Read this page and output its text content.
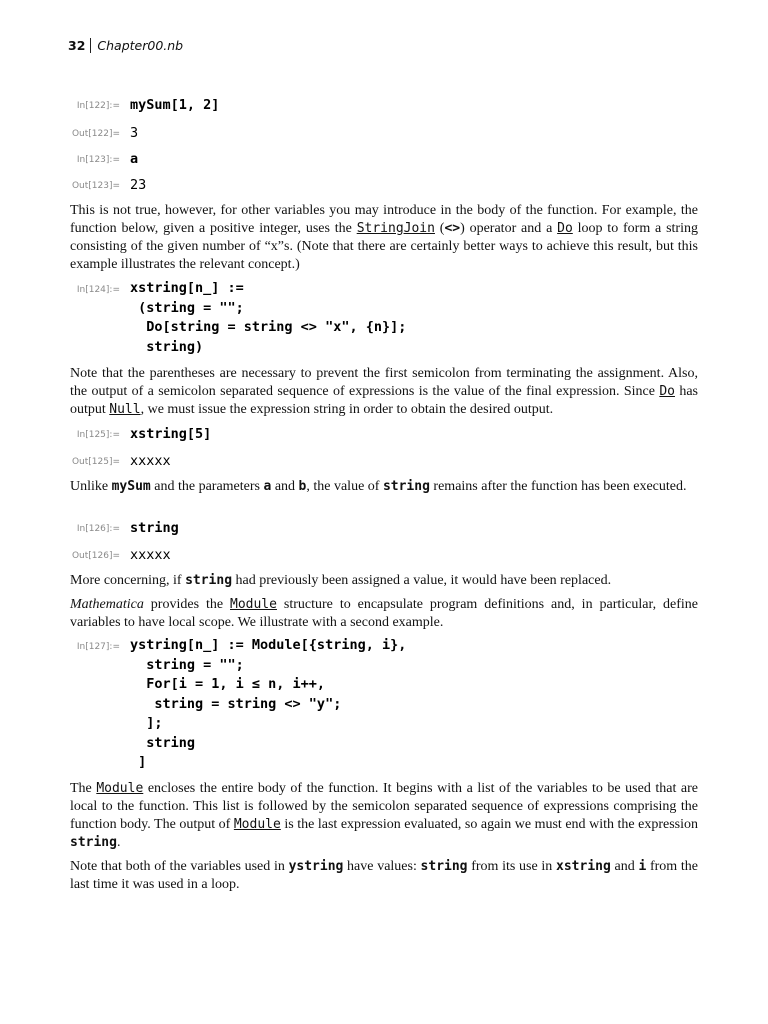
32 Chapter00.nb
In[122]:= mySum[1, 2]
Out[122]= 3
In[123]:= a
Out[123]= 23
This is not true, however, for other variables you may introduce in the body of the function. For example, the function below, given a positive integer, uses the StringJoin (<>) operator and a Do loop to form a string consisting of the given number of “x”s. (Note that there are certainly better ways to achieve this result, but this example illustrates the relevant concept.)
In[124]:= xstring[n_] :=
(string = "";
Do[string = string <> "x", {n}];
string)
Note that the parentheses are necessary to prevent the first semicolon from terminating the assignment. Also, the output of a semicolon separated sequence of expressions is the value of the final expression. Since Do has output Null, we must issue the expression string in order to obtain the desired output.
In[125]:= xstring[5]
Out[125]= xxxxx
Unlike mySum and the parameters a and b, the value of string remains after the function has been executed.
In[126]:= string
Out[126]= xxxxx
More concerning, if string had previously been assigned a value, it would have been replaced.
Mathematica provides the Module structure to encapsulate program definitions and, in particular, define variables to have local scope. We illustrate with a second example.
In[127]:= ystring[n_] := Module[{string, i},
string = "";
For[i = 1, i ≤ n, i++,
string = string <> "y";
];
string
]
The Module encloses the entire body of the function. It begins with a list of the variables to be used that are local to the function. This list is followed by the semicolon separated sequence of expressions comprising the function body. The output of Module is the last expression evaluated, so again we must end with the expression string.
Note that both of the variables used in ystring have values: string from its use in xstring and i from the last time it was used in a loop.
